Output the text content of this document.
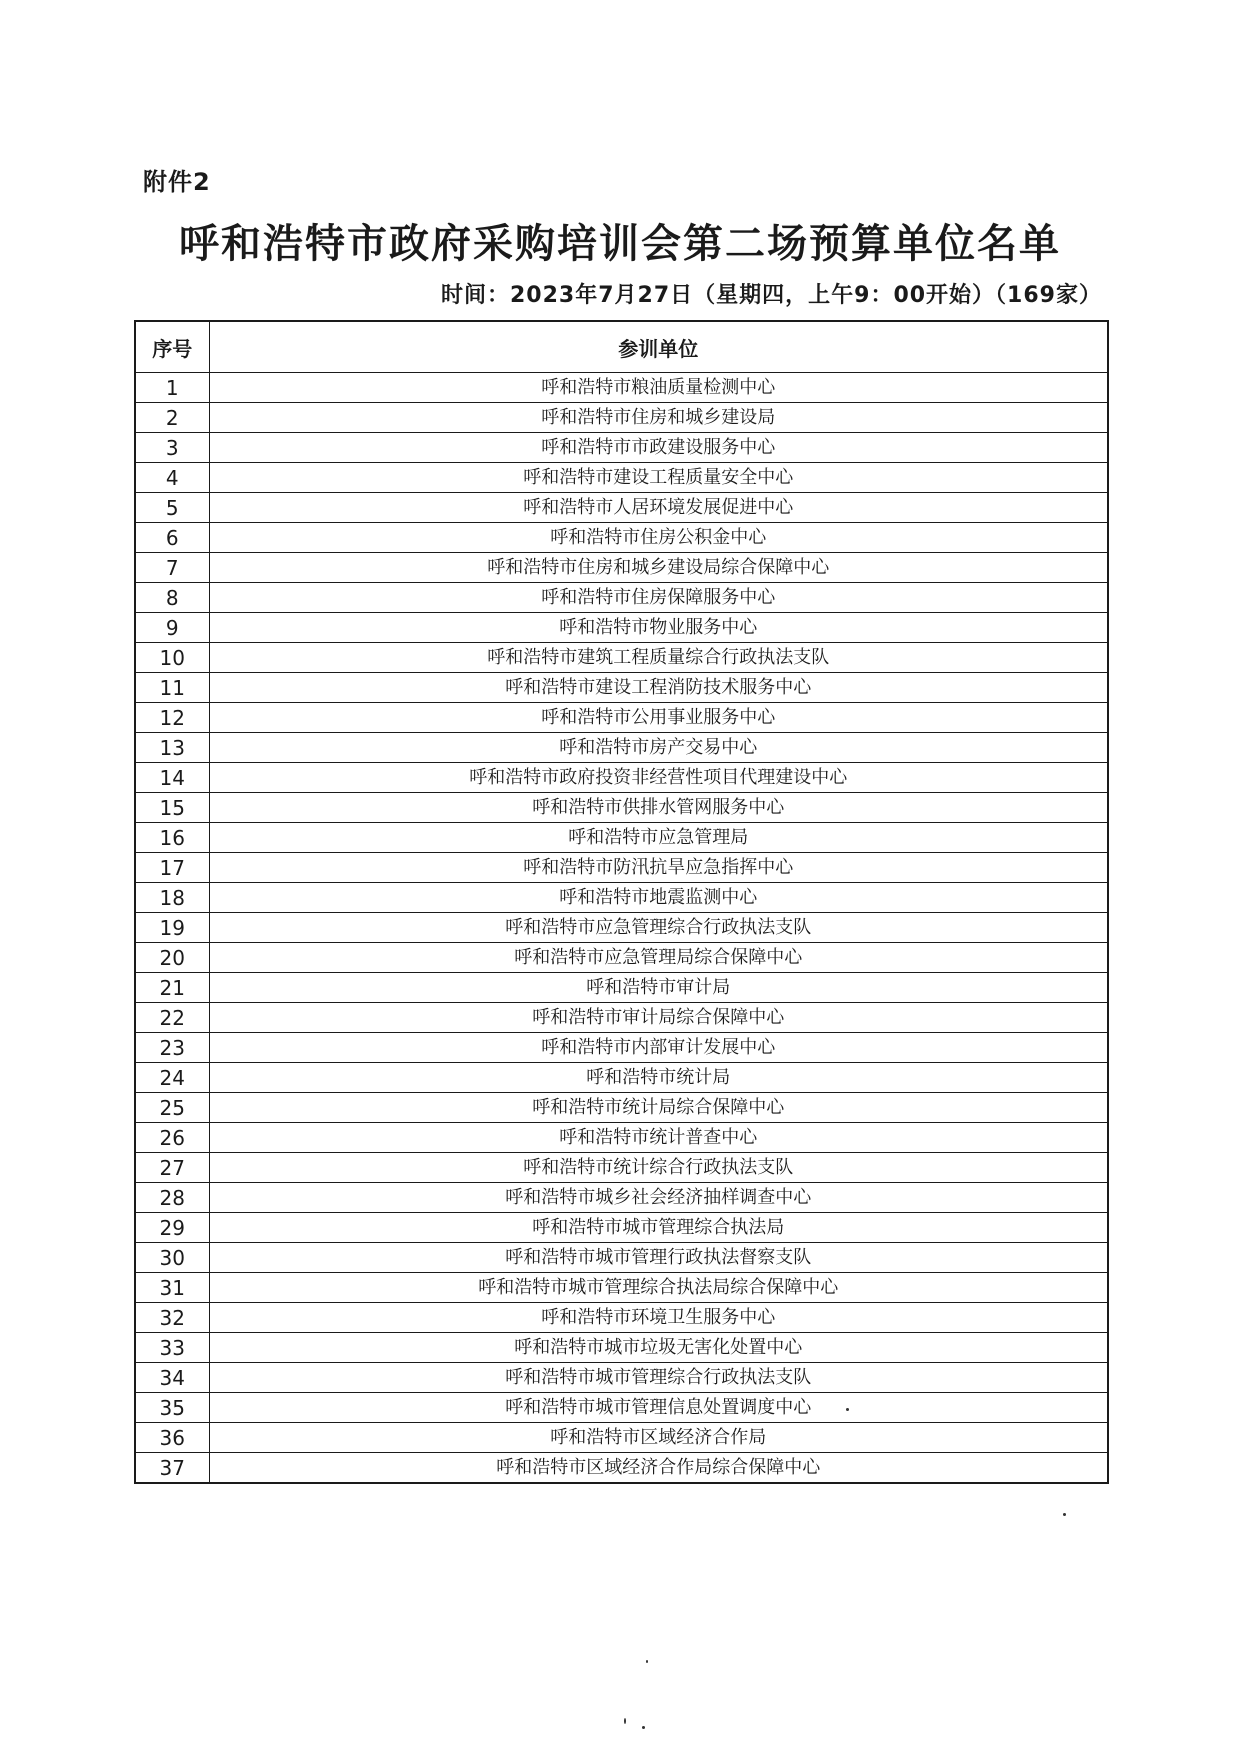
附件2
呼和浩特市政府采购培训会第二场预算单位名单
时间：2023年7月27日（星期四，上午9：00开始）（169家）
序号	参训单位
1	呼和浩特市粮油质量检测中心
2	呼和浩特市住房和城乡建设局
3	呼和浩特市市政建设服务中心
4	呼和浩特市建设工程质量安全中心
5	呼和浩特市人居环境发展促进中心
6	呼和浩特市住房公积金中心
7	呼和浩特市住房和城乡建设局综合保障中心
8	呼和浩特市住房保障服务中心
9	呼和浩特市物业服务中心
10	呼和浩特市建筑工程质量综合行政执法支队
11	呼和浩特市建设工程消防技术服务中心
12	呼和浩特市公用事业服务中心
13	呼和浩特市房产交易中心
14	呼和浩特市政府投资非经营性项目代理建设中心
15	呼和浩特市供排水管网服务中心
16	呼和浩特市应急管理局
17	呼和浩特市防汛抗旱应急指挥中心
18	呼和浩特市地震监测中心
19	呼和浩特市应急管理综合行政执法支队
20	呼和浩特市应急管理局综合保障中心
21	呼和浩特市审计局
22	呼和浩特市审计局综合保障中心
23	呼和浩特市内部审计发展中心
24	呼和浩特市统计局
25	呼和浩特市统计局综合保障中心
26	呼和浩特市统计普查中心
27	呼和浩特市统计综合行政执法支队
28	呼和浩特市城乡社会经济抽样调查中心
29	呼和浩特市城市管理综合执法局
30	呼和浩特市城市管理行政执法督察支队
31	呼和浩特市城市管理综合执法局综合保障中心
32	呼和浩特市环境卫生服务中心
33	呼和浩特市城市垃圾无害化处置中心
34	呼和浩特市城市管理综合行政执法支队
35	呼和浩特市城市管理信息处置调度中心
36	呼和浩特市区域经济合作局
37	呼和浩特市区域经济合作局综合保障中心
